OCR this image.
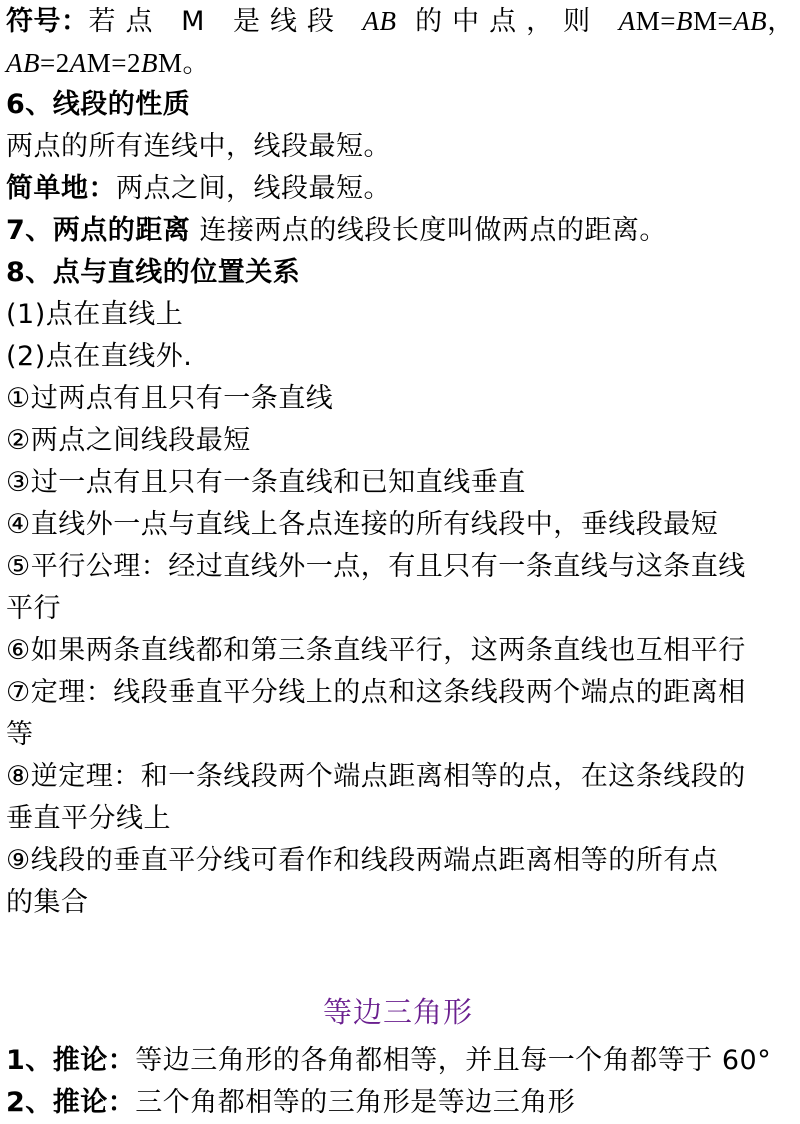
符号：若点 M 是线段 AB 的中点，则 AM=BM=AB，
AB=2AM=2BM。
6、线段的性质
两点的所有连线中，线段最短。
简单地：两点之间，线段最短。
7、两点的距离 连接两点的线段长度叫做两点的距离。
8、点与直线的位置关系
(1)点在直线上
(2)点在直线外.
①过两点有且只有一条直线
②两点之间线段最短
③过一点有且只有一条直线和已知直线垂直
④直线外一点与直线上各点连接的所有线段中，垂线段最短
⑤平行公理：经过直线外一点，有且只有一条直线与这条直线
平行
⑥如果两条直线都和第三条直线平行，这两条直线也互相平行
⑦定理：线段垂直平分线上的点和这条线段两个端点的距离相
等
⑧逆定理：和一条线段两个端点距离相等的点，在这条线段的
垂直平分线上
⑨线段的垂直平分线可看作和线段两端点距离相等的所有点
的集合
等边三角形
1、推论：等边三角形的各角都相等，并且每一个角都等于 60°
2、推论：三个角都相等的三角形是等边三角形
